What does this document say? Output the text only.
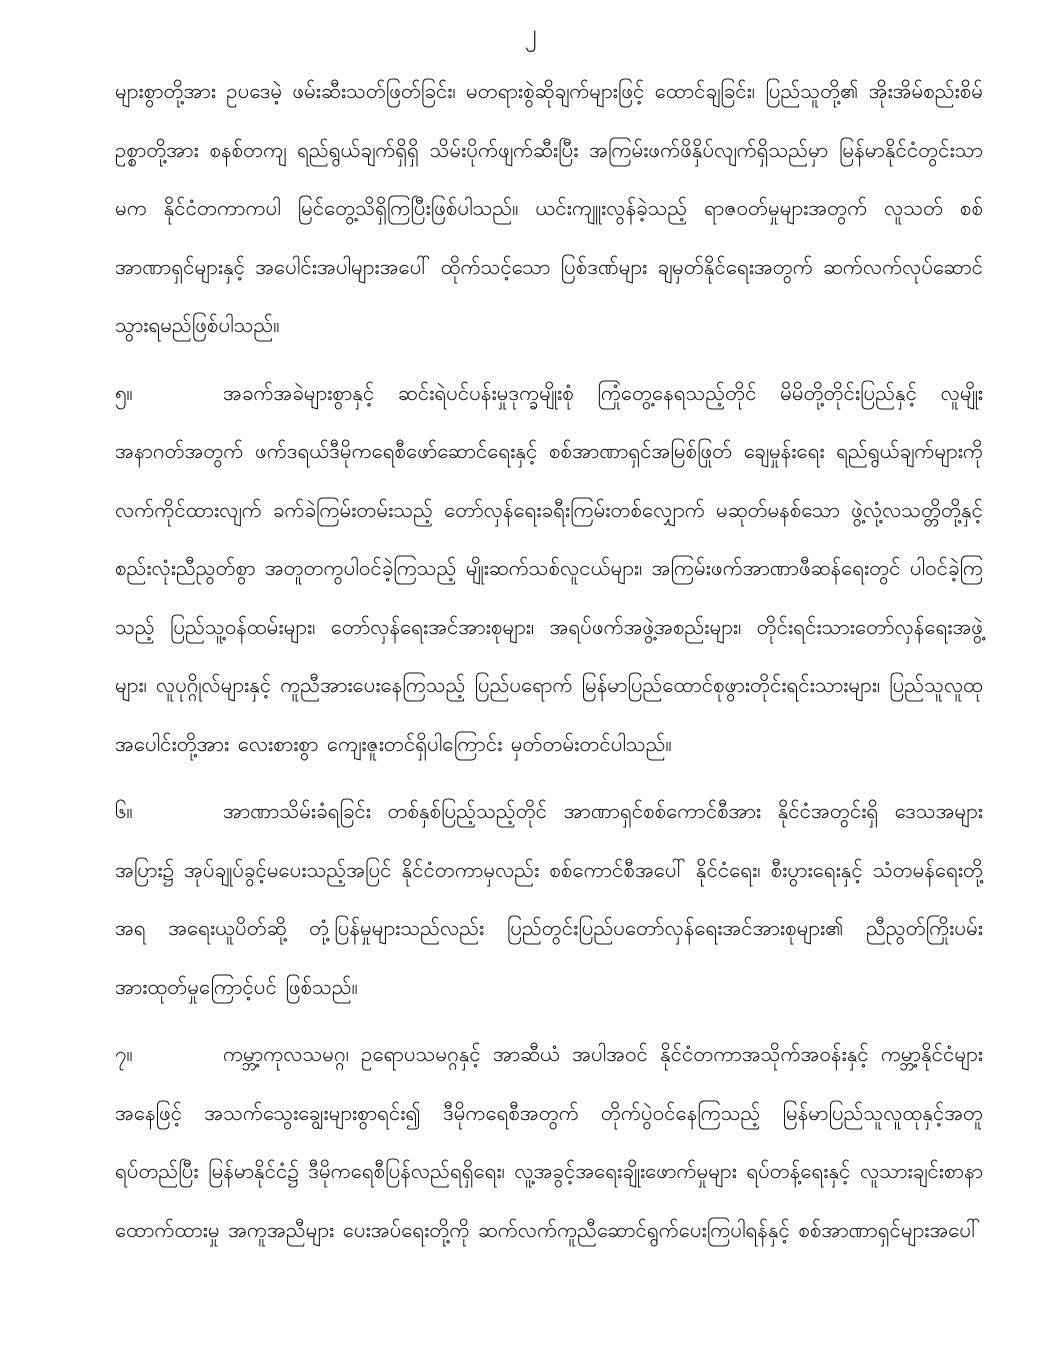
၂

များစွာတို့အား ဥပဒေမဲ့ ဖမ်းဆီးသတ်ဖြတ်ခြင်း၊ မတရားစွဲဆိုချက်များဖြင့် ထောင်ချခြင်း၊ ပြည်သူတို့၏ အိုးအိမ်စည်းစိမ်ဥစ္စာတို့အား စနစ်တကျ ရည်ရွယ်ချက်ရှိရှိ သိမ်းပိုက်ဖျက်ဆီးပြီး အကြမ်းဖက်ဖိနှိပ်လျက်ရှိသည်မှာ မြန်မာနိုင်ငံတွင်းသာမက နိုင်ငံတကာကပါ မြင်တွေ့သိရှိကြပြီးဖြစ်ပါသည်။ ယင်းကျူးလွန်ခဲ့သည့် ရာဇဝတ်မှုများအတွက် လူသတ် စစ်အာဏာရှင်များနှင့် အပေါင်းအပါများအပေါ် ထိုက်သင့်သော ပြစ်ဒဏ်များ ချမှတ်နိုင်ရေးအတွက် ဆက်လက်လုပ်ဆောင်သွားရမည်ဖြစ်ပါသည်။

၅။	အခက်အခဲများစွာနှင့် ဆင်းရဲပင်ပန်းမှုဒုက္ခမျိုးစုံ ကြုံတွေ့နေရသည့်တိုင် မိမိတို့တိုင်းပြည်နှင့် လူမျိုးအနာဂတ်အတွက် ဖက်ဒရယ်ဒီမိုကရေစီဖော်ဆောင်ရေးနှင့် စစ်အာဏာရှင်အမြစ်ဖြုတ် ချေမှုန်းရေး ရည်ရွယ်ချက်များကို လက်ကိုင်ထားလျက် ခက်ခဲကြမ်းတမ်းသည့် တော်လှန်ရေးခရီးကြမ်းတစ်လျှောက် မဆုတ်မနစ်သော ဖွဲ့လုံ့လသတ္တိတို့နှင့် စည်းလုံးညီညွတ်စွာ အတူတကွပါဝင်ခဲ့ကြသည့် မျိုးဆက်သစ်လူငယ်များ၊ အကြမ်းဖက်အာဏာဖီဆန်ရေးတွင် ပါဝင်ခဲ့ကြသည့် ပြည်သူ့ဝန်ထမ်းများ၊ တော်လှန်ရေးအင်အားစုများ၊ အရပ်ဖက်အဖွဲ့အစည်းများ၊ တိုင်းရင်းသားတော်လှန်ရေးအဖွဲ့များ၊ လူပုဂ္ဂိုလ်များနှင့် ကူညီအားပေးနေကြသည့် ပြည်ပရောက် မြန်မာပြည်ထောင်စုဖွားတိုင်းရင်းသားများ၊ ပြည်သူလူထုအပေါင်းတို့အား လေးစားစွာ ကျေးဇူးတင်ရှိပါကြောင်း မှတ်တမ်းတင်ပါသည်။

၆။	အာဏာသိမ်းခံရခြင်း တစ်နှစ်ပြည့်သည့်တိုင် အာဏာရှင်စစ်ကောင်စီအား နိုင်ငံအတွင်းရှိ ဒေသအများအပြား၌ အုပ်ချုပ်ခွင့်မပေးသည့်အပြင် နိုင်ငံတကာမှလည်း စစ်ကောင်စီအပေါ် နိုင်ငံရေး၊ စီးပွားရေးနှင့် သံတမန်ရေးတို့အရ အရေးယူပိတ်ဆို့ တုံ့ပြန်မှုများသည်လည်း ပြည်တွင်းပြည်ပတော်လှန်ရေးအင်အားစုများ၏ ညီညွတ်ကြိုးပမ်းအားထုတ်မှုကြောင့်ပင် ဖြစ်သည်။

၇။	ကမ္ဘာ့ကုလသမဂ္ဂ၊ ဥရောပသမဂ္ဂနှင့် အာဆီယံ အပါအဝင် နိုင်ငံတကာအသိုက်အဝန်းနှင့် ကမ္ဘာ့နိုင်ငံများအနေဖြင့် အသက်သွေးချွေးများစွာရင်း၍ ဒီမိုကရေစီအတွက် တိုက်ပွဲဝင်နေကြသည့် မြန်မာပြည်သူလူထုနှင့်အတူ ရပ်တည်ပြီး မြန်မာနိုင်ငံ၌ ဒီမိုကရေစီပြန်လည်ရရှိရေး၊ လူ့အခွင့်အရေးချိုးဖောက်မှုများ ရပ်တန့်ရေးနှင့် လူသားချင်းစာနာထောက်ထားမှု အကူအညီများ ပေးအပ်ရေးတို့ကို ဆက်လက်ကူညီဆောင်ရွက်ပေးကြပါရန်နှင့် စစ်အာဏာရှင်များအပေါ်
